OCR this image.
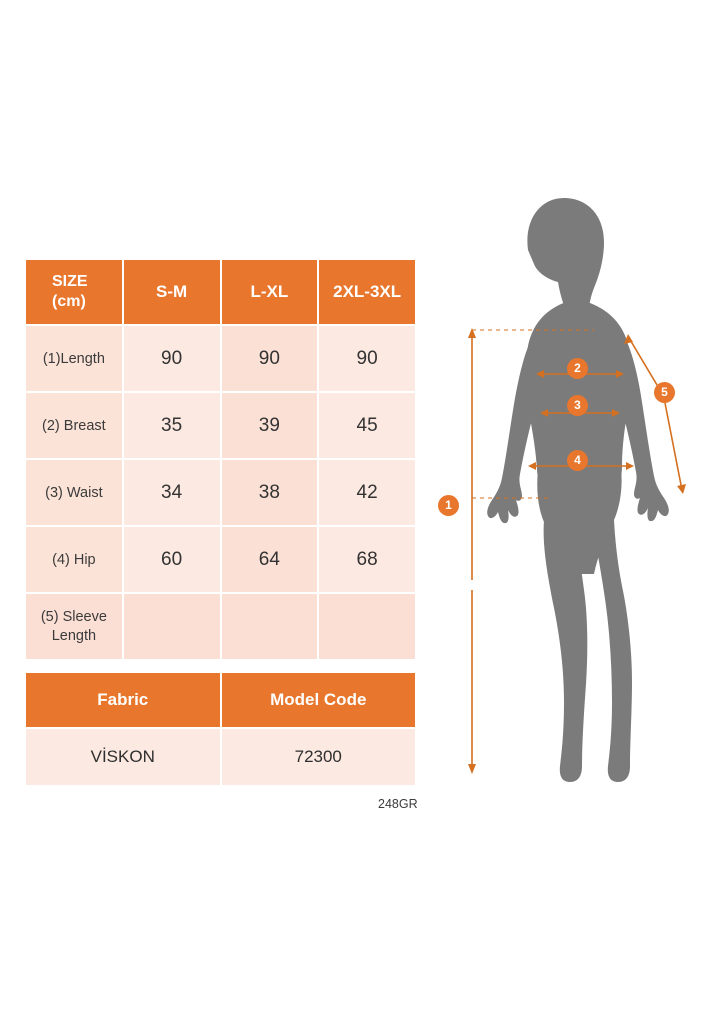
SIZE
(cm)	S-M	L-XL	2XL-3XL
(1)Length	90	90	90
(2) Breast	35	39	45
(3) Waist	34	38	42
(4) Hip	60	64	68
(5) Sleeve Length			
Fabric	Model Code
VİSKON	72300
248GR
1
2
3
4
5
